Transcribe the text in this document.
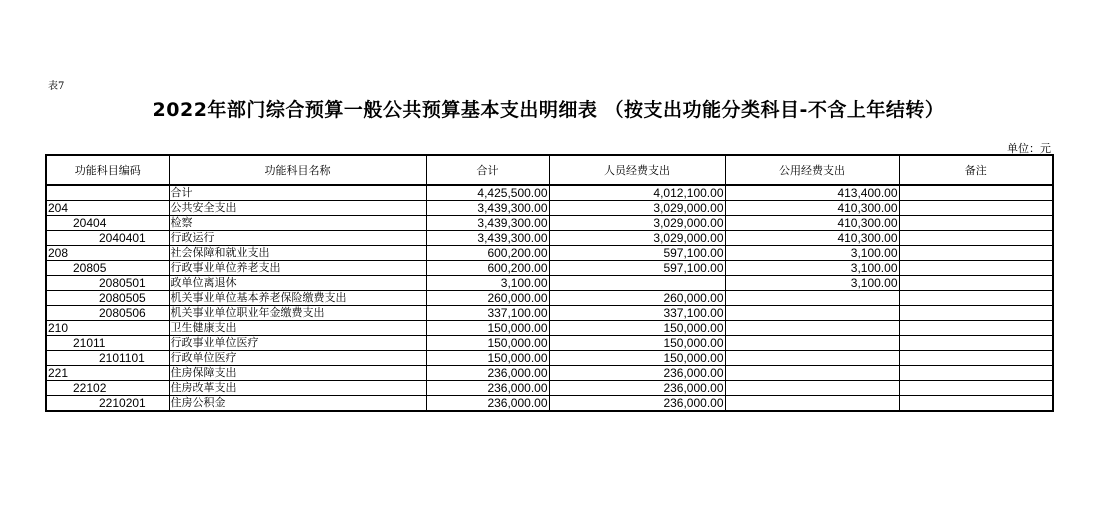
表7
2022年部门综合预算一般公共预算基本支出明细表 （按支出功能分类科目-不含上年结转）
单位：元
功能科目编码	功能科目名称	合计	人员经费支出	公用经费支出	备注
	合计	4,425,500.00	4,012,100.00	413,400.00	
204	公共安全支出	3,439,300.00	3,029,000.00	410,300.00	
20404	检察	3,439,300.00	3,029,000.00	410,300.00	
2040401	行政运行	3,439,300.00	3,029,000.00	410,300.00	
208	社会保障和就业支出	600,200.00	597,100.00	3,100.00	
20805	行政事业单位养老支出	600,200.00	597,100.00	3,100.00	
2080501	政单位离退休	3,100.00		3,100.00	
2080505	机关事业单位基本养老保险缴费支出	260,000.00	260,000.00		
2080506	机关事业单位职业年金缴费支出	337,100.00	337,100.00		
210	卫生健康支出	150,000.00	150,000.00		
21011	行政事业单位医疗	150,000.00	150,000.00		
2101101	行政单位医疗	150,000.00	150,000.00		
221	住房保障支出	236,000.00	236,000.00		
22102	住房改革支出	236,000.00	236,000.00		
2210201	住房公积金	236,000.00	236,000.00		
